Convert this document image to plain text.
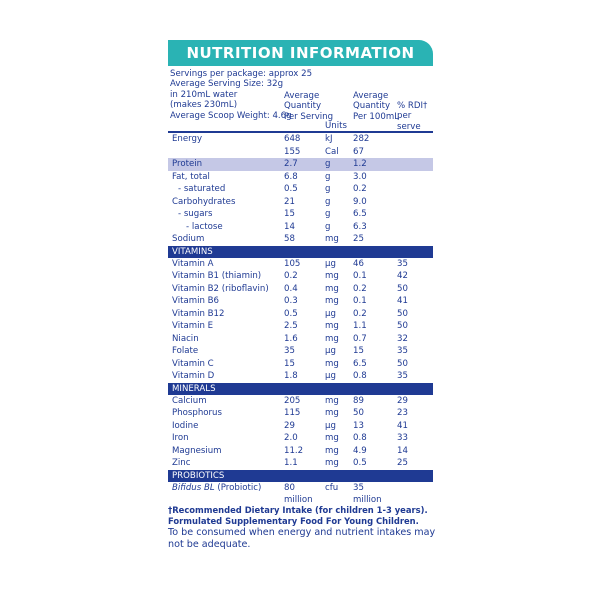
NUTRITION INFORMATION
Servings per package: approx 25
Average Serving Size: 32g
in 210mL water
(makes 230mL)
Average Scoop Weight: 4.6g
Average
Quantity
Per Serving
Units
Average
Quantity
Per 100mL
% RDI†
per serve
Energy	648	kJ 282
155	Cal 67
Protein	2.7	g	1.2
Fat, total	6.8	g	3.0
- saturated	0.5	g	0.2
Carbohydrates	21	g	9.0
- sugars	15	g	6.5
- lactose	14	g	6.3
Sodium	58	mg 25
VITAMINS
Vitamin A	105	µg 46	35
Vitamin B1 (thiamin)	0.2	mg 0.1	42
Vitamin B2 (riboflavin) 0.4	mg 0.2	50
Vitamin B6	0.3	mg 0.1	41
Vitamin B12	0.5	µg 0.2	50
Vitamin E	2.5	mg 1.1	50
Niacin	1.6	mg 0.7	32
Folate	35	µg 15	35
Vitamin C	15	mg 6.5	50
Vitamin D	1.8	µg 0.8	35
MINERALS
Calcium	205	mg 89	29
Phosphorus	115	mg 50	23
Iodine	29	µg 13	41
Iron	2.0	mg 0.8	33
Magnesium	11.2	mg 4.9	14
Zinc	1.1	mg 0.5	25
PROBIOTICS
Bifidus BL (Probiotic)	80	cfu 35
million	million
†Recommended Dietary Intake (for children 1-3 years).
Formulated Supplementary Food For Young Children.
To be consumed when energy and nutrient intakes may
not be adequate.
